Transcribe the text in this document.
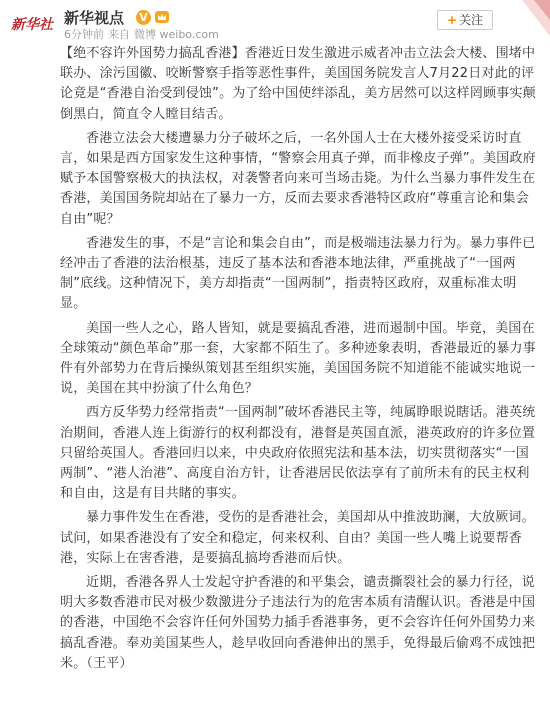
新华社 新华视点 V
6分钟前 来自 微博 weibo.com
+ 关注

【绝不容许外国势力搞乱香港】香港近日发生激进示威者冲击立法会大楼、围堵中联办、涂污国徽、咬断警察手指等恶性事件，美国国务院发言人7月22日对此的评论竟是“香港自治受到侵蚀”。为了给中国使绊添乱，美方居然可以这样罔顾事实颠倒黑白，简直令人瞠目结舌。

香港立法会大楼遭暴力分子破坏之后，一名外国人士在大楼外接受采访时直言，如果是西方国家发生这种事情，“警察会用真子弹，而非橡皮子弹”。美国政府赋予本国警察极大的执法权，对袭警者向来可当场击毙。为什么当暴力事件发生在香港，美国国务院却站在了暴力一方，反而去要求香港特区政府“尊重言论和集会自由”呢？

香港发生的事，不是“言论和集会自由”，而是极端违法暴力行为。暴力事件已经冲击了香港的法治根基，违反了基本法和香港本地法律，严重挑战了“一国两制”底线。这种情况下，美方却指责“一国两制”，指责特区政府，双重标准太明显。

美国一些人之心，路人皆知，就是要搞乱香港，进而遏制中国。毕竟，美国在全球策动“颜色革命”那一套，大家都不陌生了。多种迹象表明，香港最近的暴力事件有外部势力在背后操纵策划甚至组织实施，美国国务院不知道能不能诚实地说一说，美国在其中扮演了什么角色？

西方反华势力经常指责“一国两制”破坏香港民主等，纯属睁眼说瞎话。港英统治期间，香港人连上街游行的权利都没有，港督是英国直派，港英政府的许多位置只留给英国人。香港回归以来，中央政府依照宪法和基本法，切实贯彻落实“一国两制”、“港人治港”、高度自治方针，让香港居民依法享有了前所未有的民主权利和自由，这是有目共睹的事实。

暴力事件发生在香港，受伤的是香港社会，美国却从中推波助澜，大放厥词。试问，如果香港没有了安全和稳定，何来权利、自由？美国一些人嘴上说要帮香港，实际上在害香港，是要搞乱搞垮香港而后快。

近期，香港各界人士发起守护香港的和平集会，谴责撕裂社会的暴力行径，说明大多数香港市民对极少数激进分子违法行为的危害本质有清醒认识。香港是中国的香港，中国绝不会容许任何外国势力插手香港事务，更不会容许任何外国势力来搞乱香港。奉劝美国某些人，趁早收回向香港伸出的黑手，免得最后偷鸡不成蚀把米。（王平）
